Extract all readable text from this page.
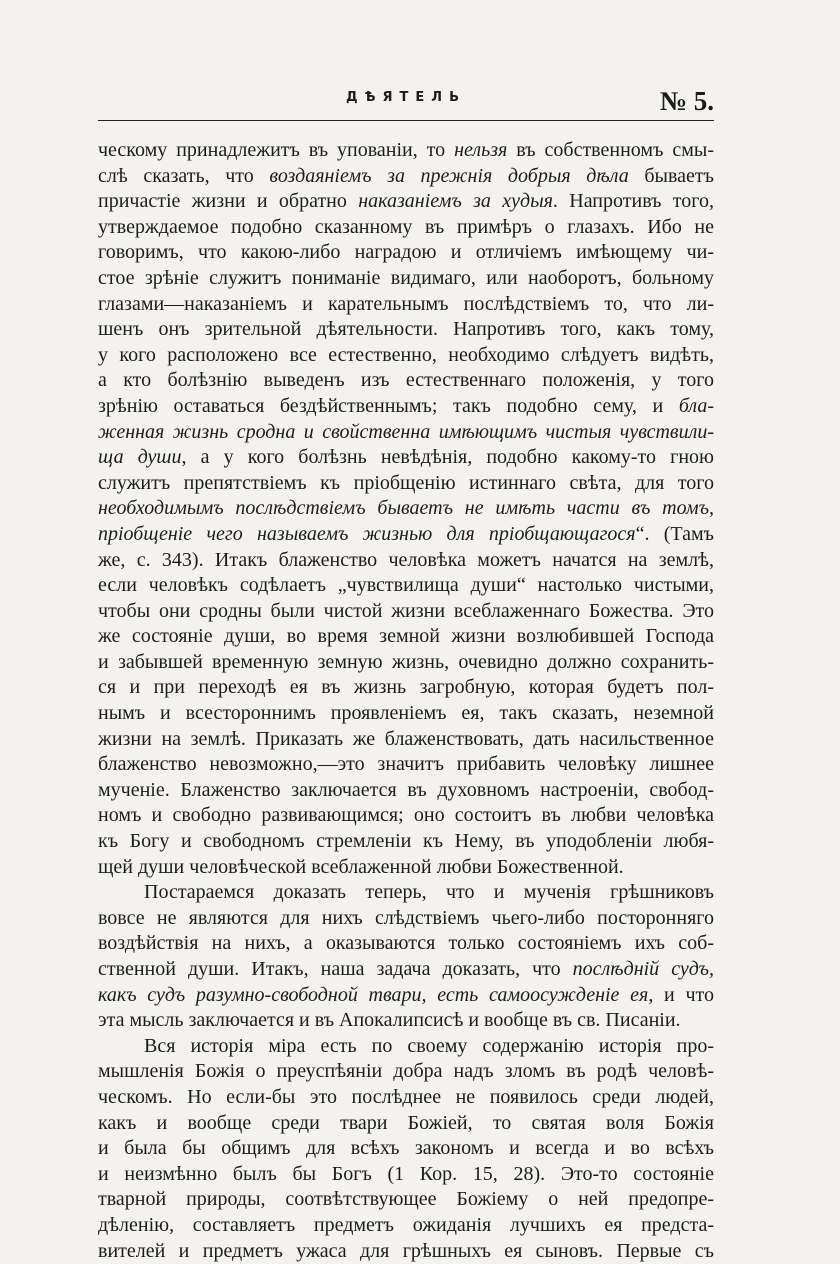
ДѢЯТЕЛЬ	№ 5.
ческому принадлежитъ въ упованіи, то нельзя въ собственномъ смы-
слѣ сказать, что воздаяніемъ за прежнія добрыя дѣла бываетъ
причастіе жизни и обратно наказаніемъ за худыя. Напротивъ того,
утверждаемое подобно сказанному въ примѣръ о глазахъ. Ибо не
говоримъ, что какою-либо наградою и отличіемъ имѣющему чи-
стое зрѣніе служитъ пониманіе видимаго, или наоборотъ, больному
глазами—наказаніемъ и карательнымъ послѣдствіемъ то, что ли-
шенъ онъ зрительной дѣятельности. Напротивъ того, какъ тому,
у кого расположено все естественно, необходимо слѣдуетъ видѣть,
а кто болѣзнію выведенъ изъ естественнаго положенія, у того
зрѣнію оставаться бездѣйственнымъ; такъ подобно сему, и бла-
женная жизнь сродна и свойственна имѣющимъ чистыя чувствили-
ща души, а у кого болѣзнь невѣдѣнія, подобно какому-то гною
служитъ препятствіемъ къ пріобщенію истиннаго свѣта, для того
необходимымъ послѣдствіемъ бываетъ не имѣть части въ томъ,
пріобщеніе чего называемъ жизнью для пріобщающагося“. (Тамъ
же, с. 343). Итакъ блаженство человѣка можетъ начатся на землѣ,
если человѣкъ содѣлаетъ „чувствилища души“ настолько чистыми,
чтобы они сродны были чистой жизни всеблаженнаго Божества. Это
же состояніе души, во время земной жизни возлюбившей Господа
и забывшей временную земную жизнь, очевидно должно сохранить-
ся и при переходѣ ея въ жизнь загробную, которая будетъ пол-
нымъ и всестороннимъ проявленіемъ ея, такъ сказать, неземной
жизни на землѣ. Приказать же блаженствовать, дать насильственное
блаженство невозможно,—это значитъ прибавить человѣку лишнее
мученіе. Блаженство заключается въ духовномъ настроеніи, свобод-
номъ и свободно развивающимся; оно состоитъ въ любви человѣка
къ Богу и свободномъ стремленіи къ Нему, въ уподобленіи любя-
щей души человѣческой всеблаженной любви Божественной.
Постараемся доказать теперь, что и мученія грѣшниковъ
вовсе не являются для нихъ слѣдствіемъ чьего-либо посторонняго
воздѣйствія на нихъ, а оказываются только состояніемъ ихъ соб-
ственной души. Итакъ, наша задача доказать, что послѣдній судъ,
какъ судъ разумно-свободной твари, есть самоосужденіе ея, и что
эта мысль заключается и въ Апокалипсисѣ и вообще въ св. Писаніи.
Вся исторія міра есть по своему содержанію исторія про-
мышленія Божія о преуспѣяніи добра надъ зломъ въ родѣ человѣ-
ческомъ. Но если-бы это послѣднее не появилось среди людей,
какъ и вообще среди твари Божіей, то святая воля Божія
и была бы общимъ для всѣхъ закономъ и всегда и во всѣхъ
и неизмѣнно былъ бы Богъ (1 Кор. 15, 28). Это-то состояніе
тварной природы, соотвѣтствующее Божіему о ней предопре-
дѣленію, составляетъ предметъ ожиданія лучшихъ ея предста-
вителей и предметъ ужаса для грѣшныхъ ея сыновъ. Первые съ
